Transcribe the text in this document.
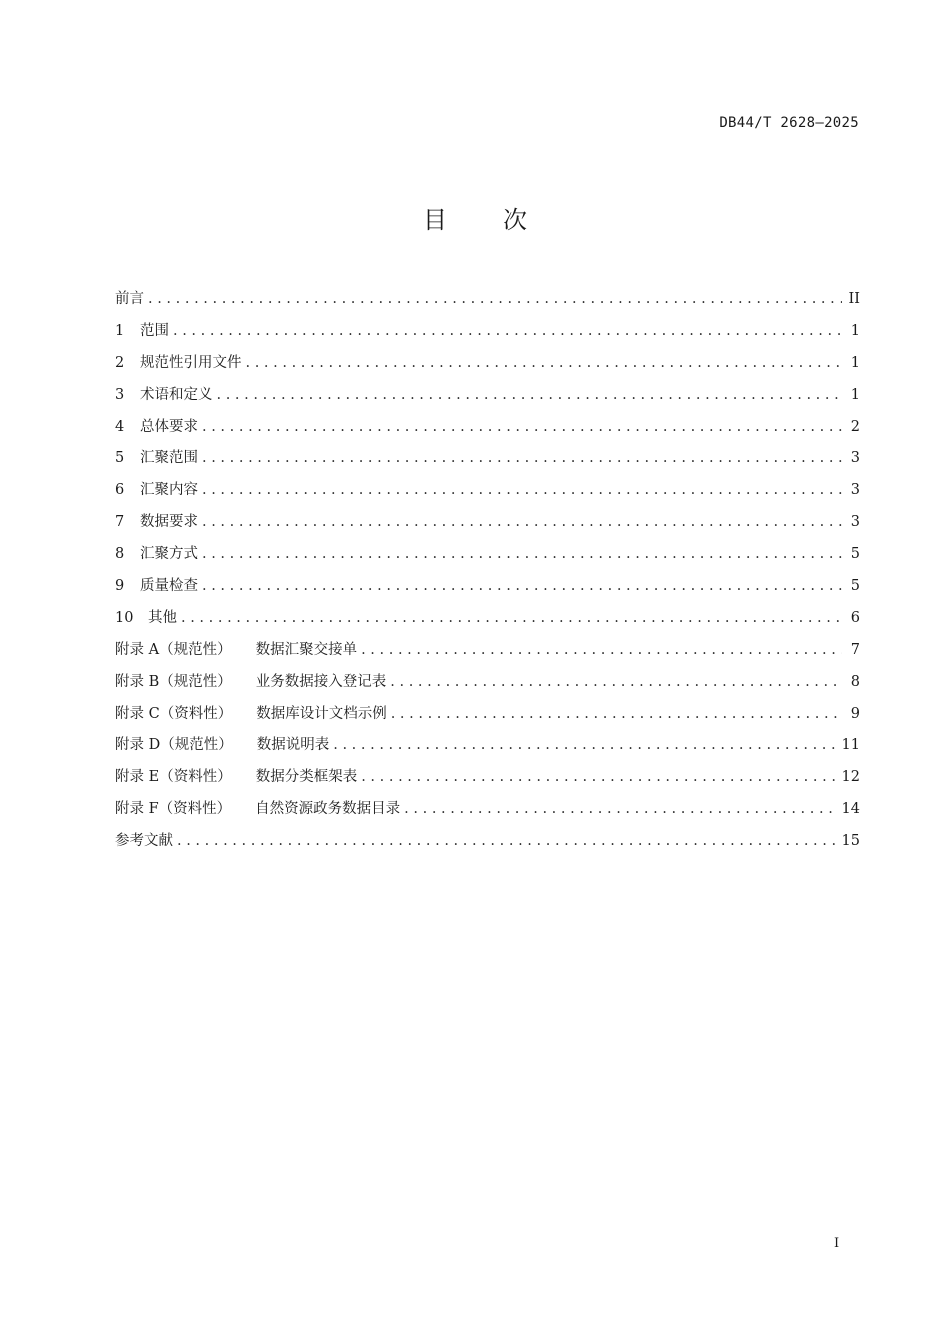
DB44/T 2628—2025
目次
前言 . . .	II
1	范围 . . .	1
2	规范性引用文件 . . .	1
3	术语和定义 . . .	1
4	总体要求 . . .	2
5	汇聚范围 . . .	3
6	汇聚内容 . . .	3
7	数据要求 . . .	3
8	汇聚方式 . . .	5
9	质量检查 . . .	5
10	其他 . . .	6
附录 A（规范性） 数据汇聚交接单 . . .	7
附录 B（规范性） 业务数据接入登记表 . . .	8
附录 C（资料性） 数据库设计文档示例 . . .	9
附录 D（规范性） 数据说明表 . . .	11
附录 E（资料性） 数据分类框架表 . . .	12
附录 F（资料性） 自然资源政务数据目录 . . .	14
参考文献 . . .	15
I
